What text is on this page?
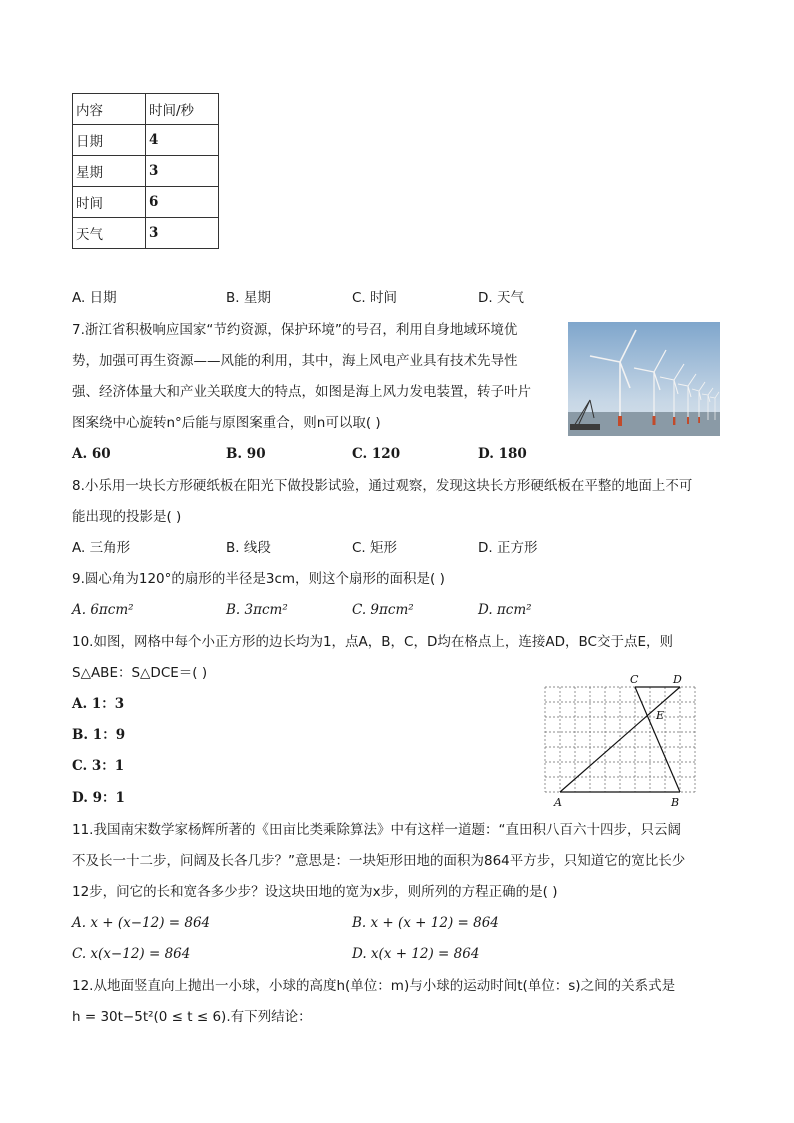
内容	时间/秒
日期	4
星期	3
时间	6
天气	3
A. 日期	B. 星期	C. 时间	D. 天气
7.浙江省积极响应国家“节约资源，保护环境”的号召，利用自身地域环境优
势，加强可再生资源——风能的利用，其中，海上风电产业具有技术先导性
强、经济体量大和产业关联度大的特点，如图是海上风力发电装置，转子叶片
图案绕中心旋转n°后能与原图案重合，则n可以取( )
A. 60	B. 90	C. 120	D. 180
8.小乐用一块长方形硬纸板在阳光下做投影试验，通过观察，发现这块长方形硬纸板在平整的地面上不可
能出现的投影是( )
A. 三角形	B. 线段	C. 矩形	D. 正方形
9.圆心角为120°的扇形的半径是3cm，则这个扇形的面积是( )
A. 6πcm²	B. 3πcm²	C. 9πcm²	D. πcm²
10.如图，网格中每个小正方形的边长均为1，点A，B，C，D均在格点上，连接AD，BC交于点E，则
S△ABE：S△DCE＝( )
A. 1：3
B. 1：9
C. 3：1
D. 9：1	A	B
C	D
E
11.我国南宋数学家杨辉所著的《田亩比类乘除算法》中有这样一道题：“直田积八百六十四步，只云阔
不及长一十二步，问阔及长各几步？”意思是：一块矩形田地的面积为864平方步，只知道它的宽比长少
12步，问它的长和宽各多少步？设这块田地的宽为x步，则所列的方程正确的是( )
A. x + (x−12) = 864	B. x + (x + 12) = 864
C. x(x−12) = 864	D. x(x + 12) = 864
12.从地面竖直向上抛出一小球，小球的高度h(单位：m)与小球的运动时间t(单位：s)之间的关系式是
h = 30t−5t²(0 ≤ t ≤ 6).有下列结论：
